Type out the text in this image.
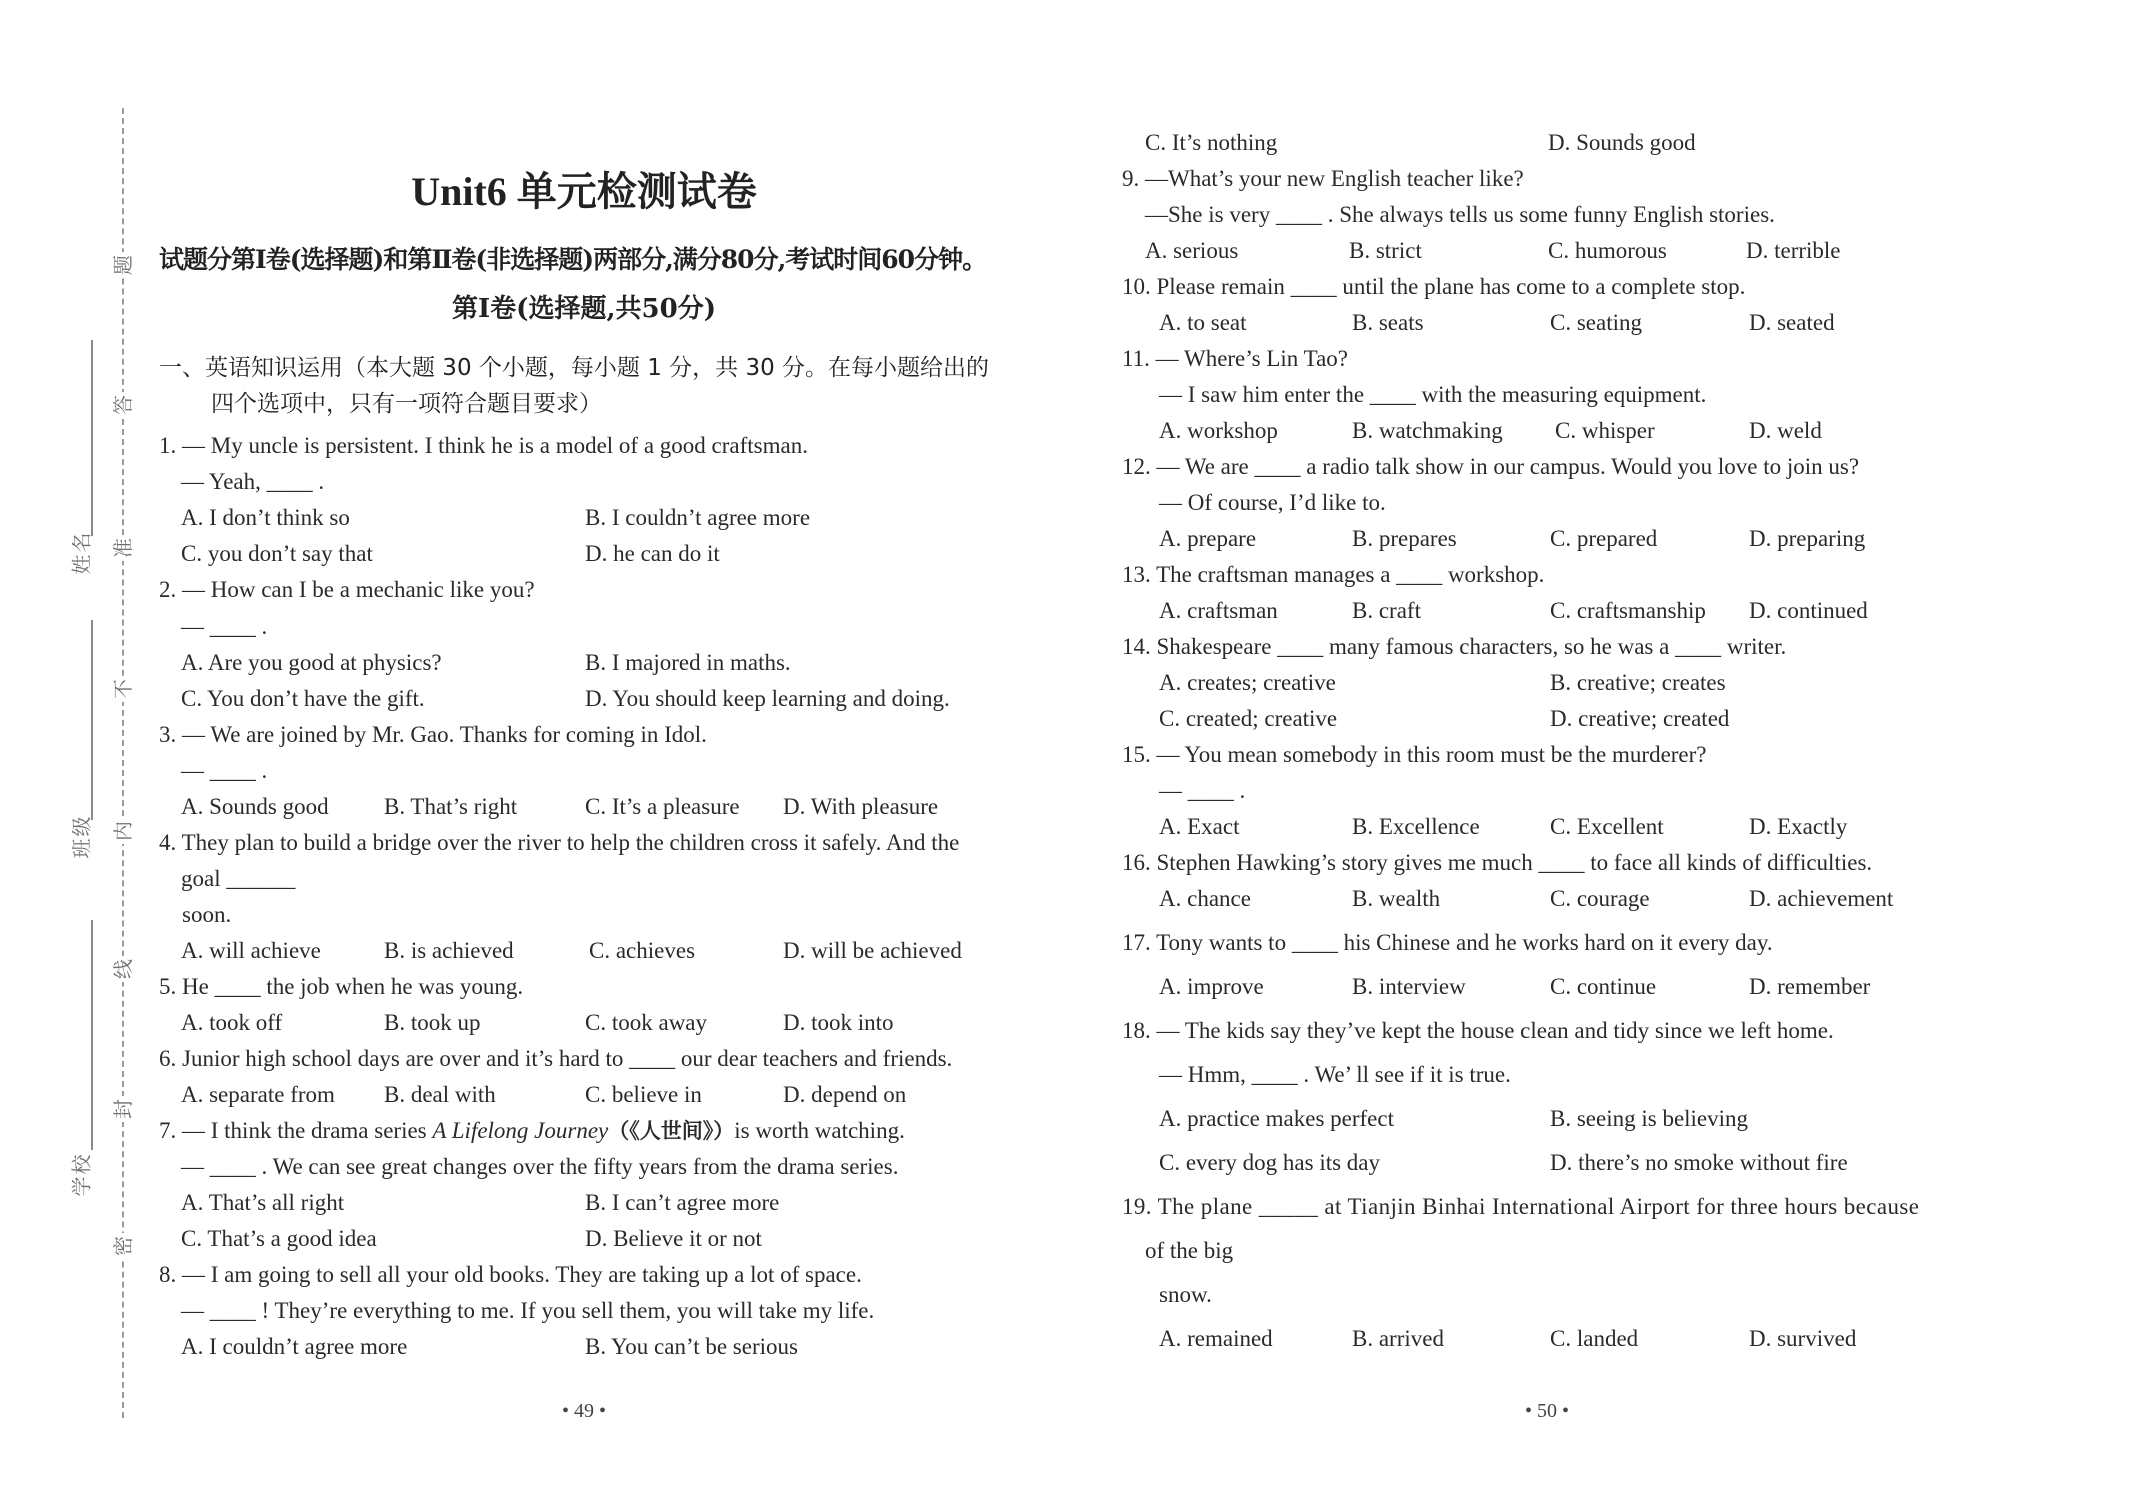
题
答
准
不
内
线
封
密
姓名
班级
学校
Unit6 单元检测试卷
试题分第Ⅰ卷(选择题)和第Ⅱ卷(非选择题)两部分,满分80分,考试时间60分钟。
第Ⅰ卷(选择题,共50分)
一、英语知识运用（本大题 30 个小题，每小题 1 分，共 30 分。在每小题给出的
四个选项中，只有一项符合题目要求）
1. — My uncle is persistent. I think he is a model of a good craftsman.
— Yeah, ____ .
A. I don’t think so	B. I couldn’t agree more
C. you don’t say that	D. he can do it
2. — How can I be a mechanic like you?
— ____ .
A. Are you good at physics?	B. I majored in maths.
C. You don’t have the gift.	D. You should keep learning and doing.
3. — We are joined by Mr. Gao. Thanks for coming in Idol.
— ____ .
A. Sounds good B. That’s right	C. It’s a pleasure D. With pleasure
4. They plan to build a bridge over the river to help the children cross it safely. And the
goal ______
soon.
A. will achieve	B. is achieved	C. achieves	D. will be achieved
5. He ____ the job when he was young.
A. took off	B. took up	C. took away	D. took into
6. Junior high school days are over and it’s hard to ____ our dear teachers and friends.
A. separate from B. deal with	C. believe in	D. depend on
7. — I think the drama series A Lifelong Journey（《人世间》）is worth watching.
— ____ . We can see great changes over the fifty years from the drama series.
A. That’s all right	B. I can’t agree more
C. That’s a good idea	D. Believe it or not
8. — I am going to sell all your old books. They are taking up a lot of space.
— ____ ! They’re everything to me. If you sell them, you will take my life.
A. I couldn’t agree more	B. You can’t be serious
• 49 •
C. It’s nothing	D. Sounds good
9. —What’s your new English teacher like?
—She is very ____ . She always tells us some funny English stories.
A. serious	B. strict	C. humorous	D. terrible
10. Please remain ____ until the plane has come to a complete stop.
A. to seat	B. seats	C. seating	D. seated
11. — Where’s Lin Tao?
— I saw him enter the ____ with the measuring equipment.
A. workshop	B. watchmaking C. whisper	D. weld
12. — We are ____ a radio talk show in our campus. Would you love to join us?
— Of course, I’d like to.
A. prepare	B. prepares	C. prepared	D. preparing
13. The craftsman manages a ____ workshop.
A. craftsman	B. craft	C. craftsmanship D. continued
14. Shakespeare ____ many famous characters, so he was a ____ writer.
A. creates; creative	B. creative; creates
C. created; creative	D. creative; created
15. — You mean somebody in this room must be the murderer?
— ____ .
A. Exact	B. Excellence	C. Excellent	D. Exactly
16. Stephen Hawking’s story gives me much ____ to face all kinds of difficulties.
A. chance	B. wealth	C. courage	D. achievement
17. Tony wants to ____ his Chinese and he works hard on it every day.
A. improve	B. interview	C. continue	D. remember
18. — The kids say they’ve kept the house clean and tidy since we left home.
— Hmm, ____ . We’ ll see if it is true.
A. practice makes perfect	B. seeing is believing
C. every dog has its day	D. there’s no smoke without fire
19. The plane _____ at Tianjin Binhai International Airport for three hours because
of the big
snow.
A. remained	B. arrived	C. landed	D. survived
• 50 •
